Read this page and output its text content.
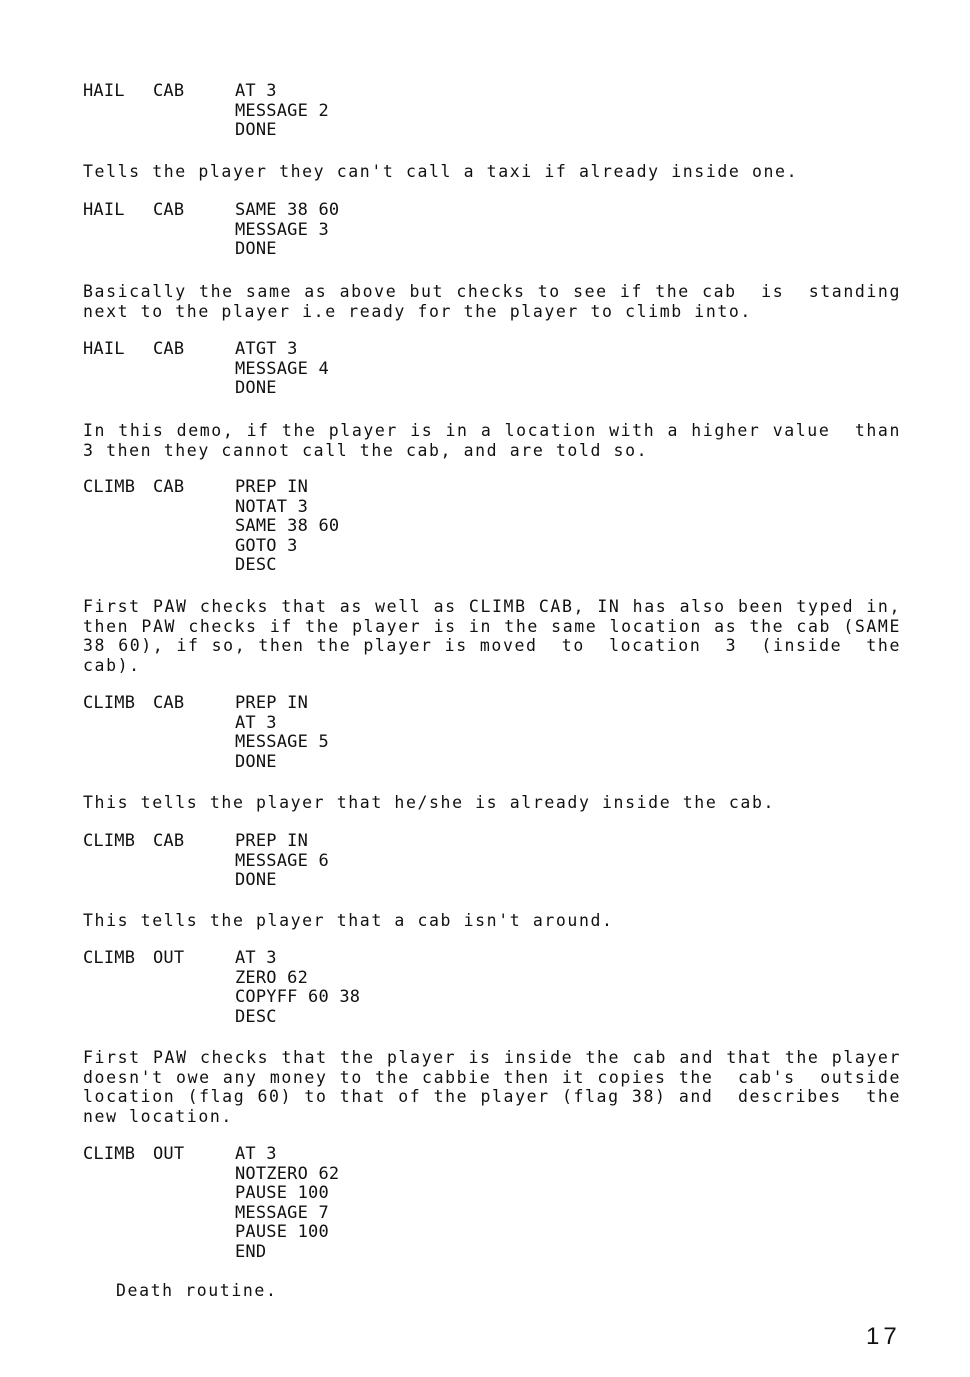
HAIL	CAB	AT 3
MESSAGE 2
DONE
Tells the player they can't call a taxi if already inside one.
HAIL	CAB	SAME 38 60
MESSAGE 3
DONE
Basically the same as above but checks to see if the cab  is  standing next to the player i.e ready for the player to climb into.
HAIL	CAB	ATGT 3
MESSAGE 4
DONE
In this demo, if the player is in a location with a higher value  than 3 then they cannot call the cab, and are told so.
CLIMB	CAB	PREP IN
NOTAT 3
SAME 38 60
GOTO 3
DESC
First PAW checks that as well as CLIMB CAB, IN has also been typed in, then PAW checks if the player is in the same location as the cab (SAME 38 60), if so, then the player is moved  to  location  3  (inside  the cab).
CLIMB	CAB	PREP IN
AT 3
MESSAGE 5
DONE
This tells the player that he/she is already inside the cab.
CLIMB	CAB	PREP IN
MESSAGE 6
DONE
This tells the player that a cab isn't around.
CLIMB	OUT	AT 3
ZERO 62
COPYFF 60 38
DESC
First PAW checks that the player is inside the cab and that the player doesn't owe any money to the cabbie then it copies the  cab's  outside location (flag 60) to that of the player (flag 38) and  describes  the new location.
CLIMB	OUT	AT 3
NOTZERO 62
PAUSE 100
MESSAGE 7
PAUSE 100
END
Death routine.
17
